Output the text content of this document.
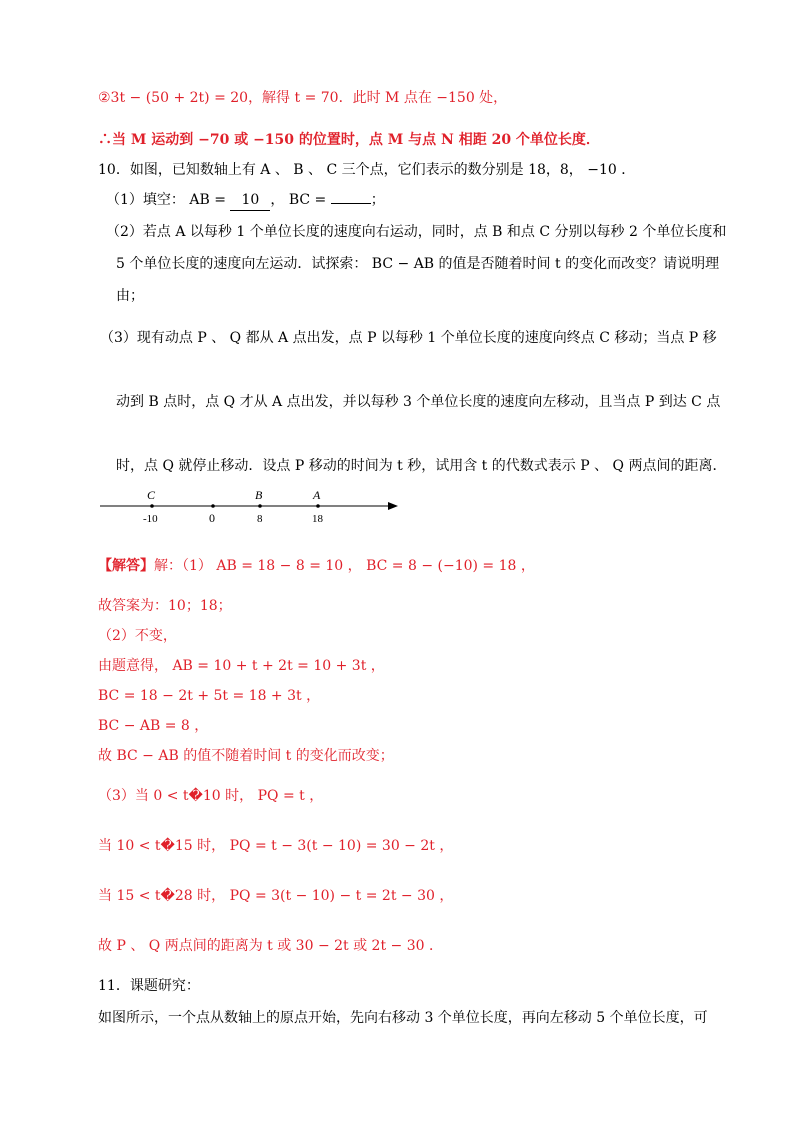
②3t − (50 + 2t) = 20，解得 t = 70．此时 M 点在 −150 处，
∴当 M 运动到 −70 或 −150 的位置时，点 M 与点 N 相距 20 个单位长度．
10．如图，已知数轴上有 A 、 B 、 C 三个点，它们表示的数分别是 18，8， −10 ．
（1）填空： AB = 10 ， BC =	；
（2）若点 A 以每秒 1 个单位长度的速度向右运动，同时，点 B 和点 C 分别以每秒 2 个单位长度和
5 个单位长度的速度向左运动．试探索： BC − AB 的值是否随着时间 t 的变化而改变？请说明理
由；
（3）现有动点 P 、 Q 都从 A 点出发，点 P 以每秒 1 个单位长度的速度向终点 C 移动；当点 P 移
动到 B 点时，点 Q 才从 A 点出发，并以每秒 3 个单位长度的速度向左移动，且当点 P 到达 C 点
时，点 Q 就停止移动．设点 P 移动的时间为 t 秒，试用含 t 的代数式表示 P 、 Q 两点间的距离．
C	B	A
-10	0	8	18
【解答】解：（1） AB = 18 − 8 = 10 ， BC = 8 − (−10) = 18 ，
故答案为：10；18；
（2）不变，
由题意得， AB = 10 + t + 2t = 10 + 3t ，
BC = 18 − 2t + 5t = 18 + 3t ，
BC − AB = 8 ，
故 BC − AB 的值不随着时间 t 的变化而改变；
（3）当 0 < t�10 时， PQ = t ，
当 10 < t�15 时， PQ = t − 3(t − 10) = 30 − 2t ，
当 15 < t�28 时， PQ = 3(t − 10) − t = 2t − 30 ，
故 P 、 Q 两点间的距离为 t 或 30 − 2t 或 2t − 30 ．
11．课题研究：
如图所示，一个点从数轴上的原点开始，先向右移动 3 个单位长度，再向左移动 5 个单位长度，可
